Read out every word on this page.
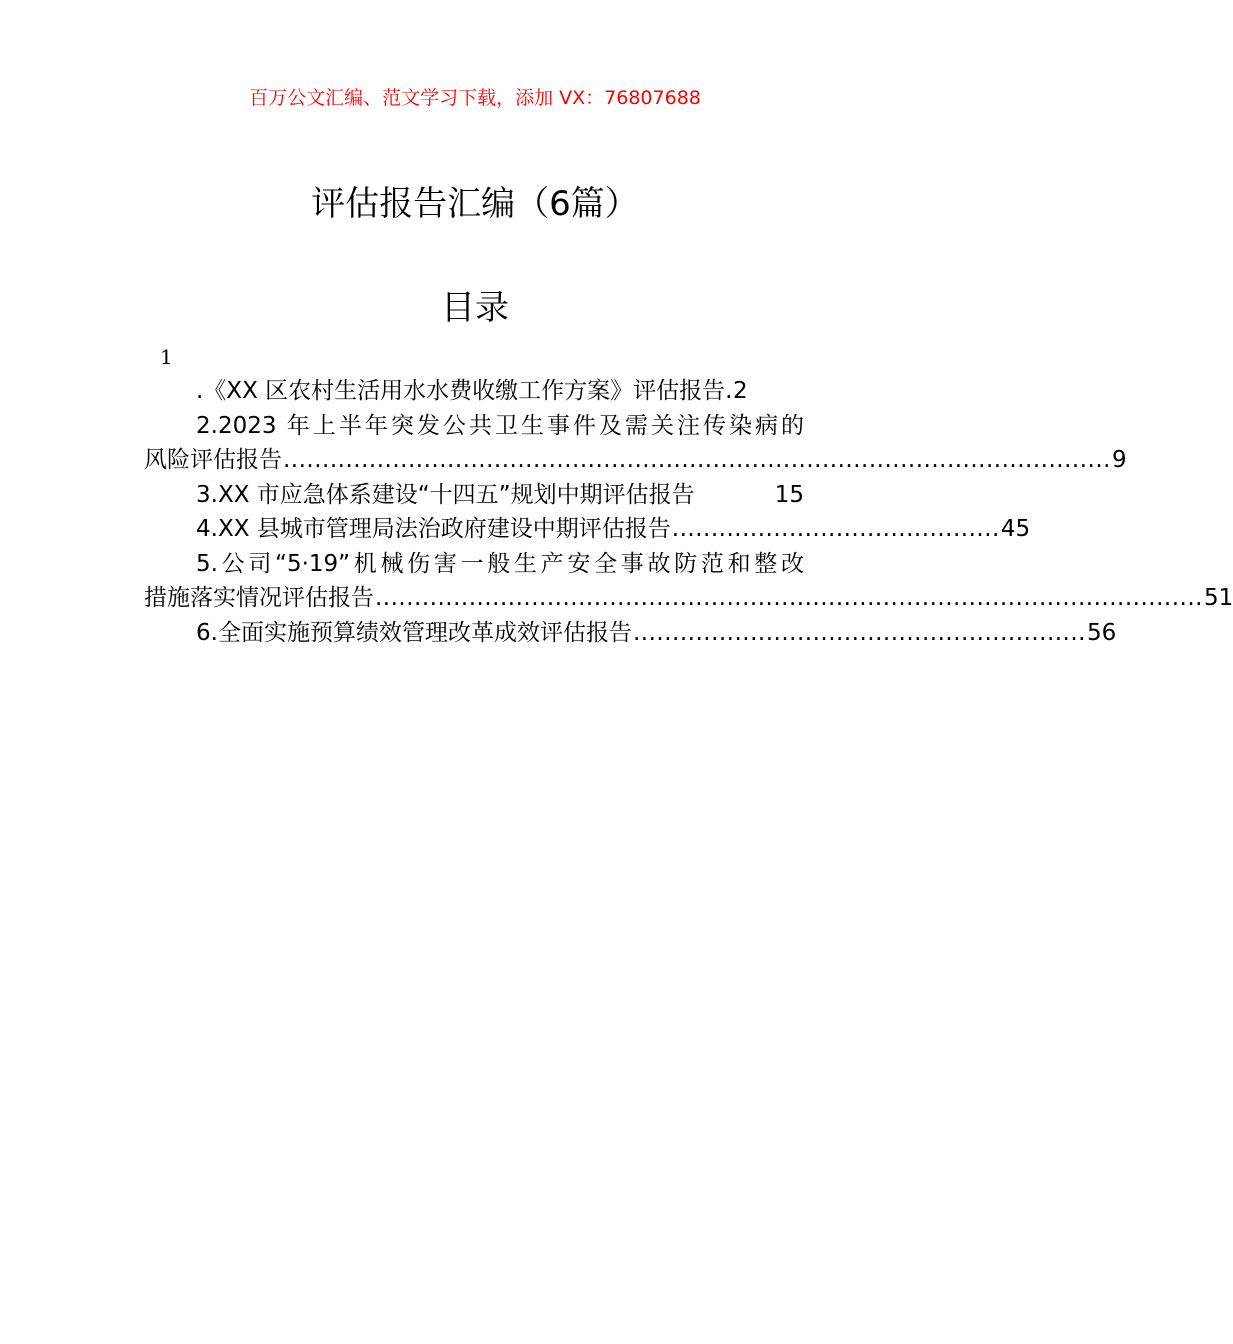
百万公文汇编、范文学习下载，添加 VX：76807688
评估报告汇编（6篇）
目录
1
.《XX 区农村生活用水水费收缴工作方案》评估报告 . 2
2.2023 年上半年突发公共卫生事件及需关注传染病的
风险评估报告 .......................................................................................................... 9
3.XX 市应急体系建设“十四五”规划中期评估报告	15
4.XX 县城市管理局法治政府建设中期评估报告 .......................................... 45
5.公司“5·19”机械伤害一般生产安全事故防范和整改
措施落实情况评估报告 .......................................................................................................... 51
6.全面实施预算绩效管理改革成效评估报告 .......................................................... 56
